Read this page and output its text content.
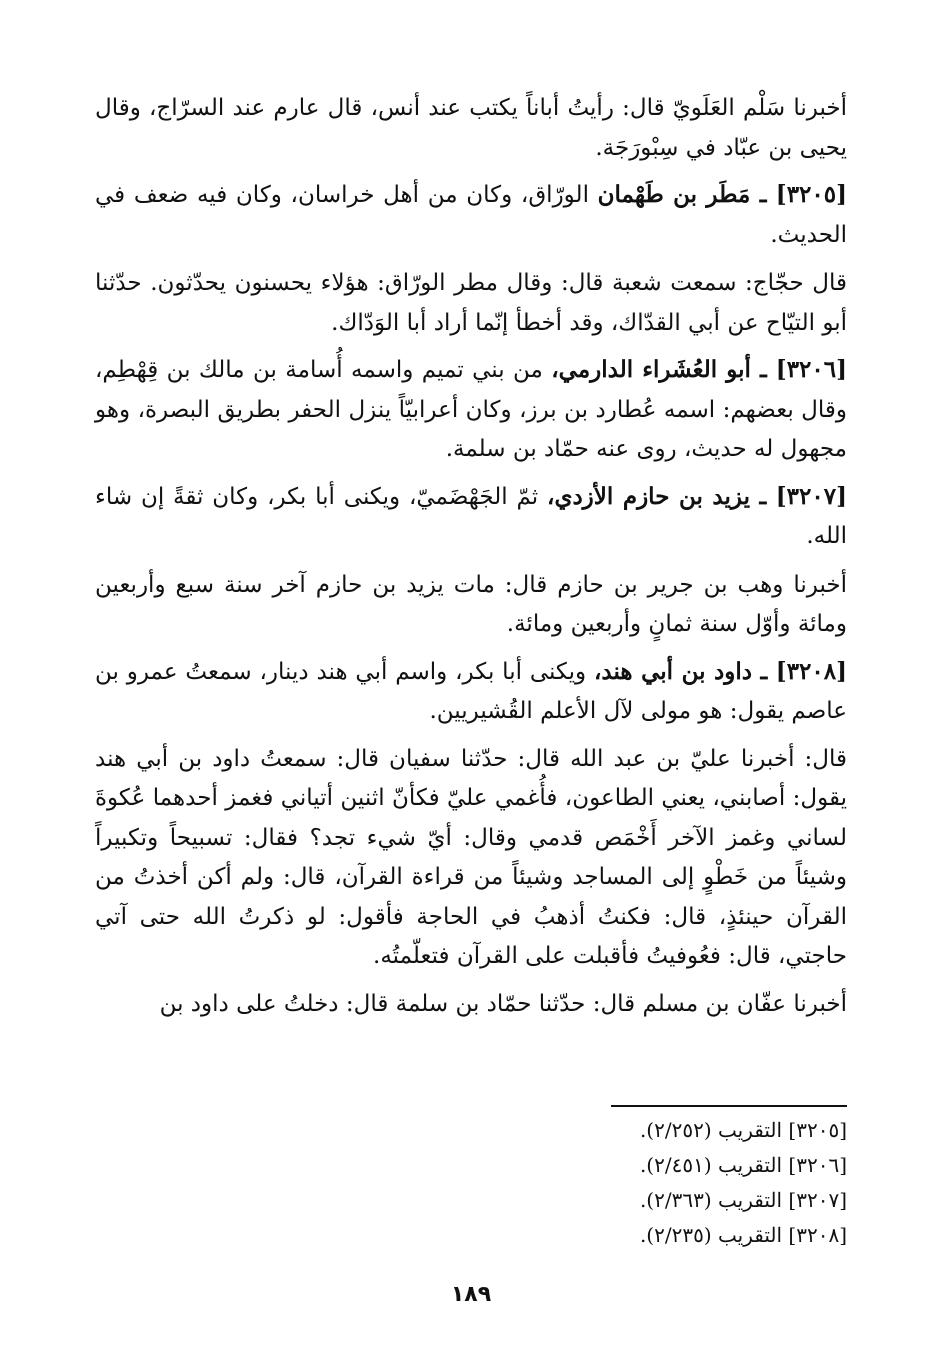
أخبرنا سَلْم العَلَويّ قال: رأيتُ أباناً يكتب عند أنس، قال عارم عند السرّاج، وقال يحيى بن عبّاد في سِبْورَجَة.

[٣٢٠٥] ـ مَطَر بن طَهْمان الورّاق، وكان من أهل خراسان، وكان فيه ضعف في الحديث.

قال حجّاج: سمعت شعبة قال: وقال مطر الورّاق: هؤلاء يحسنون يحدّثون. حدّثنا أبو التيّاح عن أبي القدّاك، وقد أخطأ إنّما أراد أبا الوَدّاك.

[٣٢٠٦] ـ أبو العُشَراء الدارمي، من بني تميم واسمه أُسامة بن مالك بن قِهْطِم، وقال بعضهم: اسمه عُطارد بن برز، وكان أعرابيّاً ينزل الحفر بطريق البصرة، وهو مجهول له حديث، روى عنه حمّاد بن سلمة.

[٣٢٠٧] ـ يزيد بن حازم الأزدي، ثمّ الجَهْضَميّ، ويكنى أبا بكر، وكان ثقةً إن شاء الله.

أخبرنا وهب بن جرير بن حازم قال: مات يزيد بن حازم آخر سنة سبع وأربعين ومائة وأوّل سنة ثمانٍ وأربعين ومائة.

[٣٢٠٨] ـ داود بن أبي هند، ويكنى أبا بكر، واسم أبي هند دينار، سمعتُ عمرو بن عاصم يقول: هو مولى لآل الأعلم القُشيريين.

قال: أخبرنا عليّ بن عبد الله قال: حدّثنا سفيان قال: سمعتُ داود بن أبي هند يقول: أصابني، يعني الطاعون، فأُغمي عليّ فكأنّ اثنين أتياني فغمز أحدهما عُكوةَ لساني وغمز الآخر أَخْمَص قدمي وقال: أيّ شيء تجد؟ فقال: تسبيحاً وتكبيراً وشيئاً من خَطْوٍ إلى المساجد وشيئاً من قراءة القرآن، قال: ولم أكن أخذتُ من القرآن حينئذٍ، قال: فكنتُ أذهبُ في الحاجة فأقول: لو ذكرتُ الله حتى آتي حاجتي، قال: فعُوفيتُ فأقبلت على القرآن فتعلّمتُه.

أخبرنا عفّان بن مسلم قال: حدّثنا حمّاد بن سلمة قال: دخلتُ على داود بن

[٣٢٠٥] التقريب (٢/٢٥٢).

[٣٢٠٦] التقريب (٢/٤٥١).

[٣٢٠٧] التقريب (٢/٣٦٣).

[٣٢٠٨] التقريب (٢/٢٣٥).

١٨٩
